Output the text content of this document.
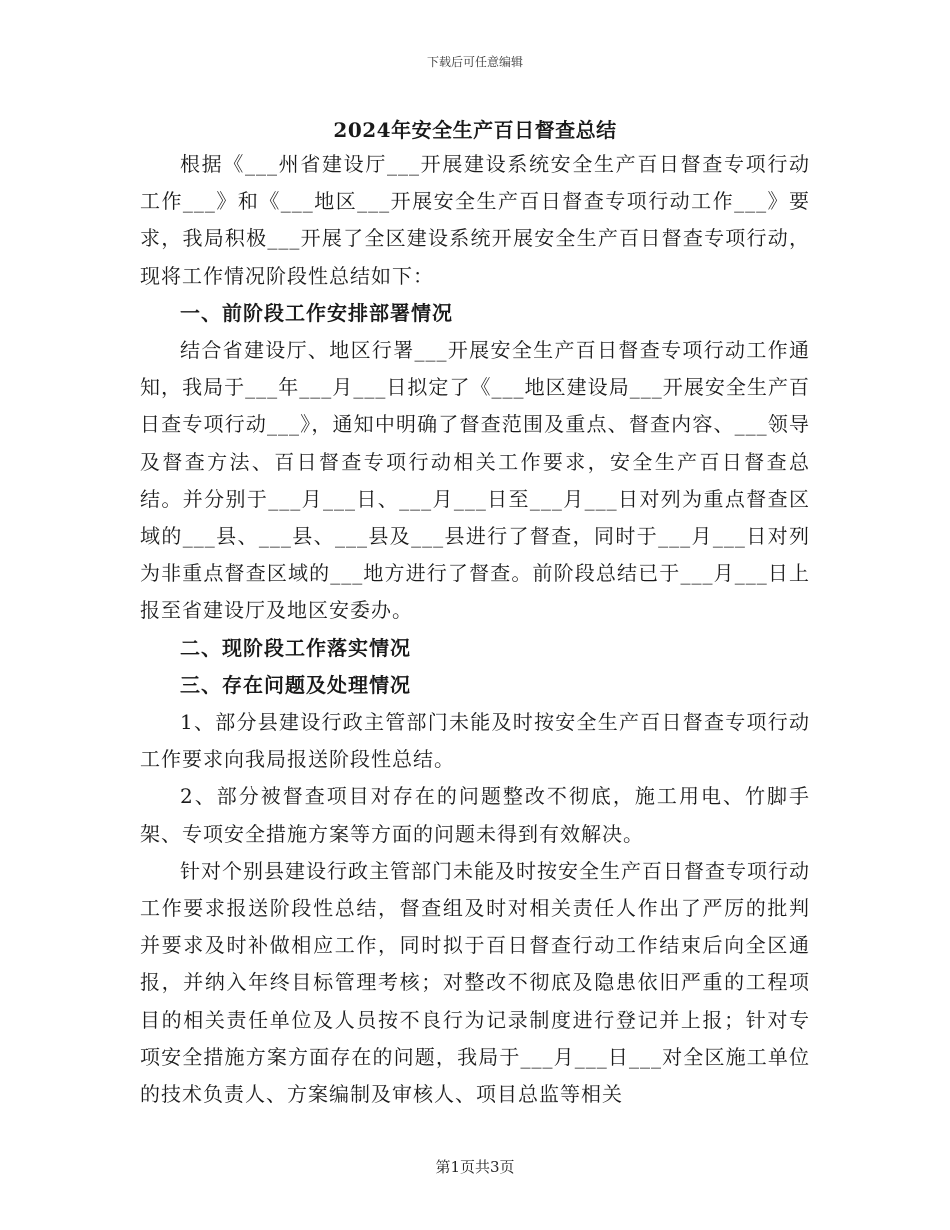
下载后可任意编辑
2024年安全生产百日督查总结

根据《___州省建设厅___开展建设系统安全生产百日督查专项行动工作___》和《___地区___开展安全生产百日督查专项行动工作___》要求，我局积极___开展了全区建设系统开展安全生产百日督查专项行动，现将工作情况阶段性总结如下：

一、前阶段工作安排部署情况

结合省建设厅、地区行署___开展安全生产百日督查专项行动工作通知，我局于___年___月___日拟定了《___地区建设局___开展安全生产百日查专项行动___》，通知中明确了督查范围及重点、督查内容、___领导及督查方法、百日督查专项行动相关工作要求，安全生产百日督查总结。并分别于___月___日、___月___日至___月___日对列为重点督查区域的___县、___县、___县及___县进行了督查，同时于___月___日对列为非重点督查区域的___地方进行了督查。前阶段总结已于___月___日上报至省建设厅及地区安委办。

二、现阶段工作落实情况

三、存在问题及处理情况

1、部分县建设行政主管部门未能及时按安全生产百日督查专项行动工作要求向我局报送阶段性总结。

2、部分被督查项目对存在的问题整改不彻底，施工用电、竹脚手架、专项安全措施方案等方面的问题未得到有效解决。

针对个别县建设行政主管部门未能及时按安全生产百日督查专项行动工作要求报送阶段性总结，督查组及时对相关责任人作出了严厉的批判并要求及时补做相应工作，同时拟于百日督查行动工作结束后向全区通报，并纳入年终目标管理考核；对整改不彻底及隐患依旧严重的工程项目的相关责任单位及人员按不良行为记录制度进行登记并上报；针对专项安全措施方案方面存在的问题，我局于___月___日___对全区施工单位的技术负责人、方案编制及审核人、项目总监等相关

第1页共3页
